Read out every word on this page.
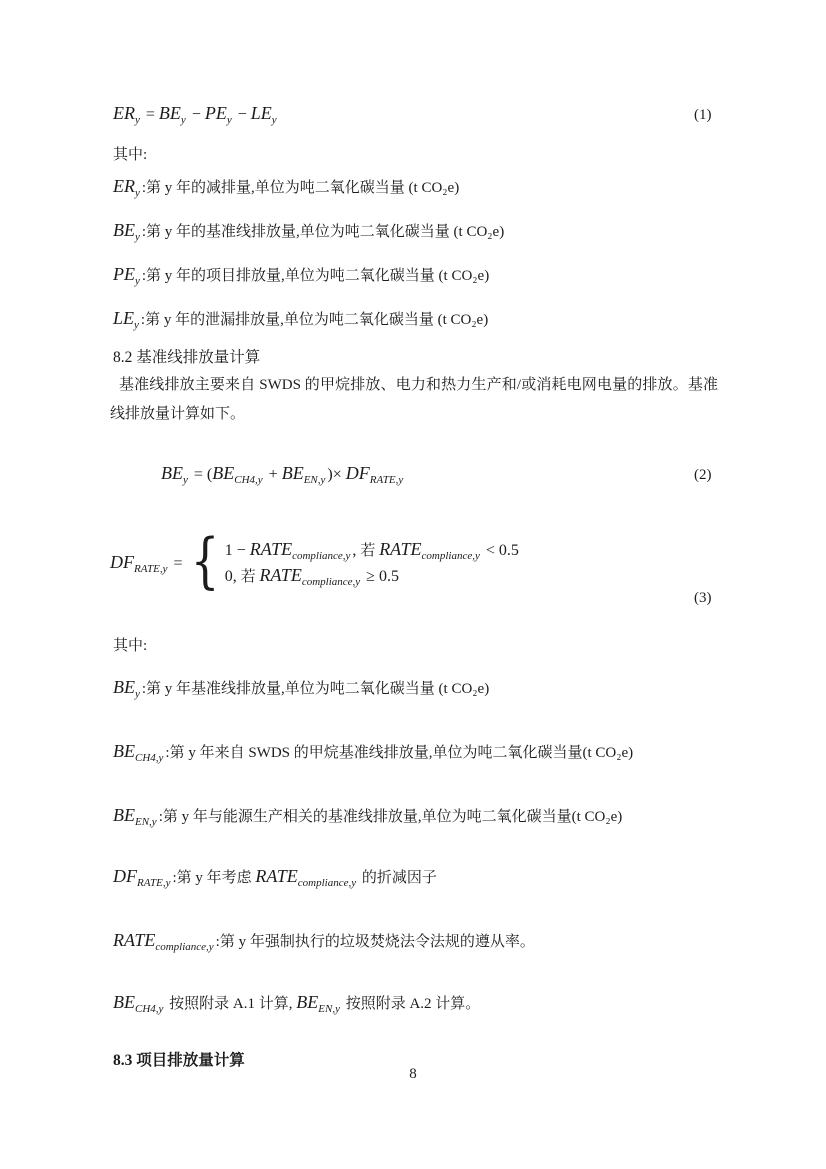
$ER_y = BE_y - PE_y - LE_y$	(1)
其中:
$ER_y$ :第 y 年的减排量,单位为吨二氧化碳当量 (t CO₂e)
$BE_y$ :第 y 年的基准线排放量,单位为吨二氧化碳当量 (t CO₂e)
$PE_y$ :第 y 年的项目排放量,单位为吨二氧化碳当量 (t CO₂e)
$LE_y$ :第 y 年的泄漏排放量,单位为吨二氧化碳当量 (t CO₂e)
8.2 基准线排放量计算
基准线排放主要来自 SWDS 的甲烷排放、电力和热力生产和/或消耗电网电量的排放。基准线排放量计算如下。
$BE_y = (BE_{CH4,y} + BE_{EN,y}$ )× $DF_{RATE,y}$	(2)
$DF_{RATE,y}$ = { $1 - RATE_{compliance,y}$ , 若 $RATE_{compliance,y} < 0.5$
0, 若 $RATE_{compliance,y} \ge 0.5$
(3)
其中:
$BE_y$ :第 y 年基准线排放量,单位为吨二氧化碳当量 (t CO₂e)
$BE_{CH4,y}$ :第 y 年来自 SWDS 的甲烷基准线排放量,单位为吨二氧化碳当量(t CO₂e)
$BE_{EN,y}$ :第 y 年与能源生产相关的基准线排放量,单位为吨二氧化碳当量(t CO₂e)
$DF_{RATE,y}$ :第 y 年考虑 $RATE_{compliance,y}$ 的折减因子
$RATE_{compliance,y}$ :第 y 年强制执行的垃圾焚烧法令法规的遵从率。
$BE_{CH4,y}$ 按照附录 A.1 计算, $BE_{EN,y}$ 按照附录 A.2 计算。
8.3 项目排放量计算
8
